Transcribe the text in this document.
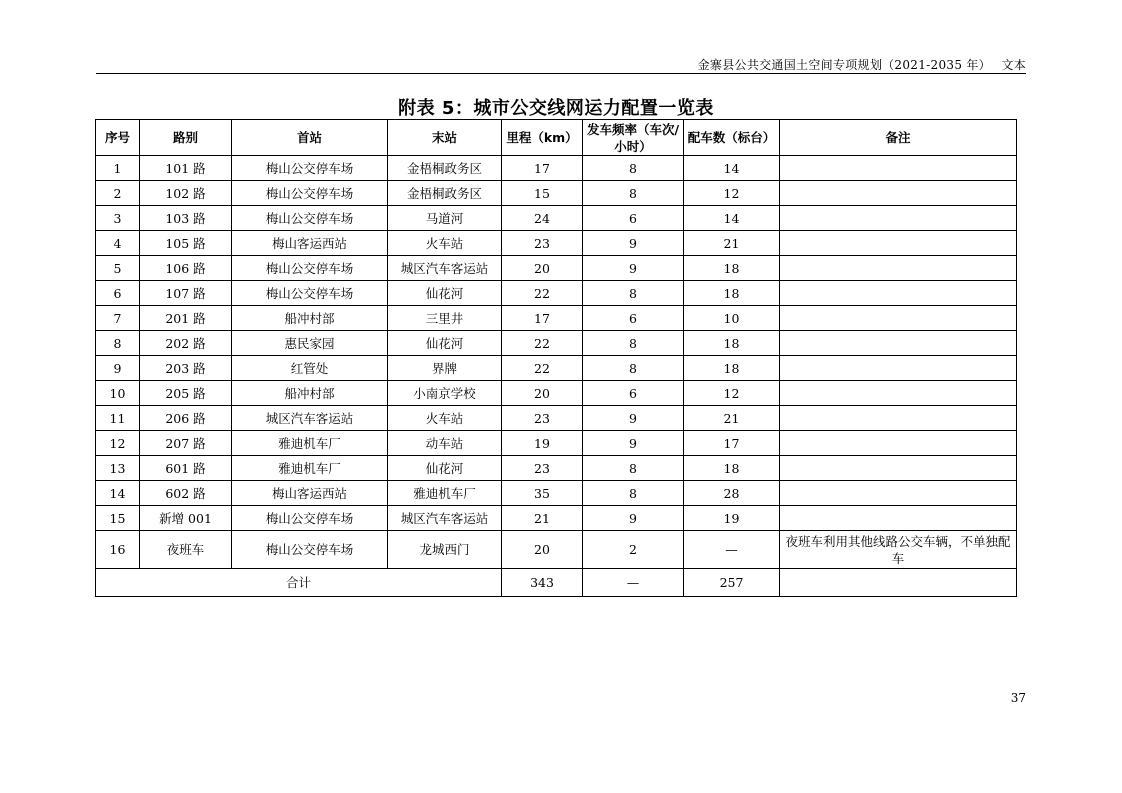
金寨县公共交通国土空间专项规划（2021-2035 年）　 文本
附表 5：城市公交线网运力配置一览表
序号	路别	首站	末站	里程（km）	发车频率（车次/小时）	配车数（标台）	备注
1	101 路	梅山公交停车场	金梧桐政务区	17	8	14	
2	102 路	梅山公交停车场	金梧桐政务区	15	8	12	
3	103 路	梅山公交停车场	马道河	24	6	14	
4	105 路	梅山客运西站	火车站	23	9	21	
5	106 路	梅山公交停车场	城区汽车客运站	20	9	18	
6	107 路	梅山公交停车场	仙花河	22	8	18	
7	201 路	船冲村部	三里井	17	6	10	
8	202 路	惠民家园	仙花河	22	8	18	
9	203 路	红管处	界牌	22	8	18	
10	205 路	船冲村部	小南京学校	20	6	12	
11	206 路	城区汽车客运站	火车站	23	9	21	
12	207 路	雅迪机车厂	动车站	19	9	17	
13	601 路	雅迪机车厂	仙花河	23	8	18	
14	602 路	梅山客运西站	雅迪机车厂	35	8	28	
15	新增 001	梅山公交停车场	城区汽车客运站	21	9	19	
16	夜班车	梅山公交停车场	龙城西门	20	2	—	夜班车利用其他线路公交车辆，不单独配车
合计				343	—	257	
37
